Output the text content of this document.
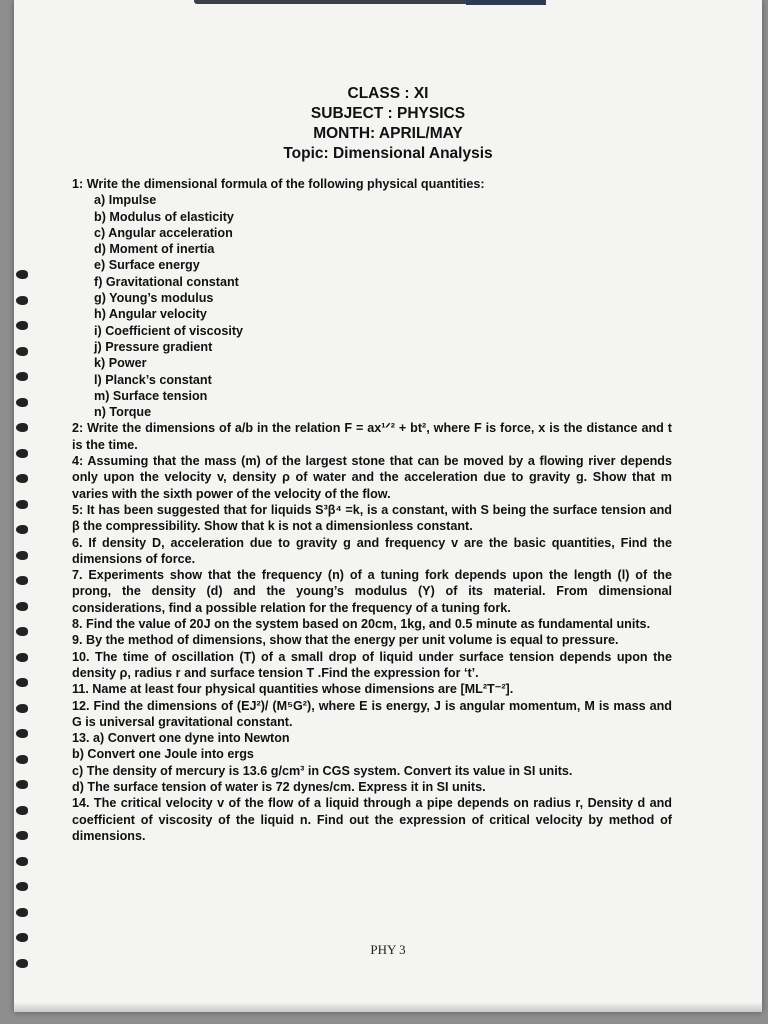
CLASS : XI
SUBJECT : PHYSICS
MONTH: APRIL/MAY
Topic: Dimensional Analysis

1: Write the dimensional formula of the following physical quantities:

a) Impulse
b) Modulus of elasticity
c) Angular acceleration
d) Moment of inertia
e) Surface energy
f) Gravitational constant
g) Young’s modulus
h) Angular velocity
i) Coefficient of viscosity
j) Pressure gradient
k) Power
l) Planck’s constant
m) Surface tension
n) Torque

2: Write the dimensions of a/b in the relation F = ax¹ᐟ² + bt², where F is force, x is the distance and t is the time.

4: Assuming that the mass (m) of the largest stone that can be moved by a flowing river depends only upon the velocity v, density ρ of water and the acceleration due to gravity g. Show that m varies with the sixth power of the velocity of the flow.

5: It has been suggested that for liquids S³β⁴ =k, is a constant, with S being the surface tension and β the compressibility. Show that k is not a dimensionless constant.

6. If density D, acceleration due to gravity g and frequency v are the basic quantities, Find the dimensions of force.

7. Experiments show that the frequency (n) of a tuning fork depends upon the length (l) of the prong, the density (d) and the young’s modulus (Y) of its material. From dimensional considerations, find a possible relation for the frequency of a tuning fork.

8. Find the value of 20J on the system based on 20cm, 1kg, and 0.5 minute as fundamental units.

9. By the method of dimensions, show that the energy per unit volume is equal to pressure.

10. The time of oscillation (T) of a small drop of liquid under surface tension depends upon the density ρ, radius r and surface tension T .Find the expression for ‘t’.

11. Name at least four physical quantities whose dimensions are [ML²T⁻²].

12. Find the dimensions of (EJ²)/ (M⁵G²), where E is energy, J is angular momentum, M is mass and G is universal gravitational constant.

13. a) Convert one dyne into Newton

b) Convert one Joule into ergs

c) The density of mercury is 13.6 g/cm³ in CGS system. Convert its value in SI units.

d) The surface tension of water is 72 dynes/cm. Express it in SI units.

14. The critical velocity v of the flow of a liquid through a pipe depends on radius r, Density d and coefficient of viscosity of the liquid n. Find out the expression of critical velocity by method of dimensions.

PHY 3
